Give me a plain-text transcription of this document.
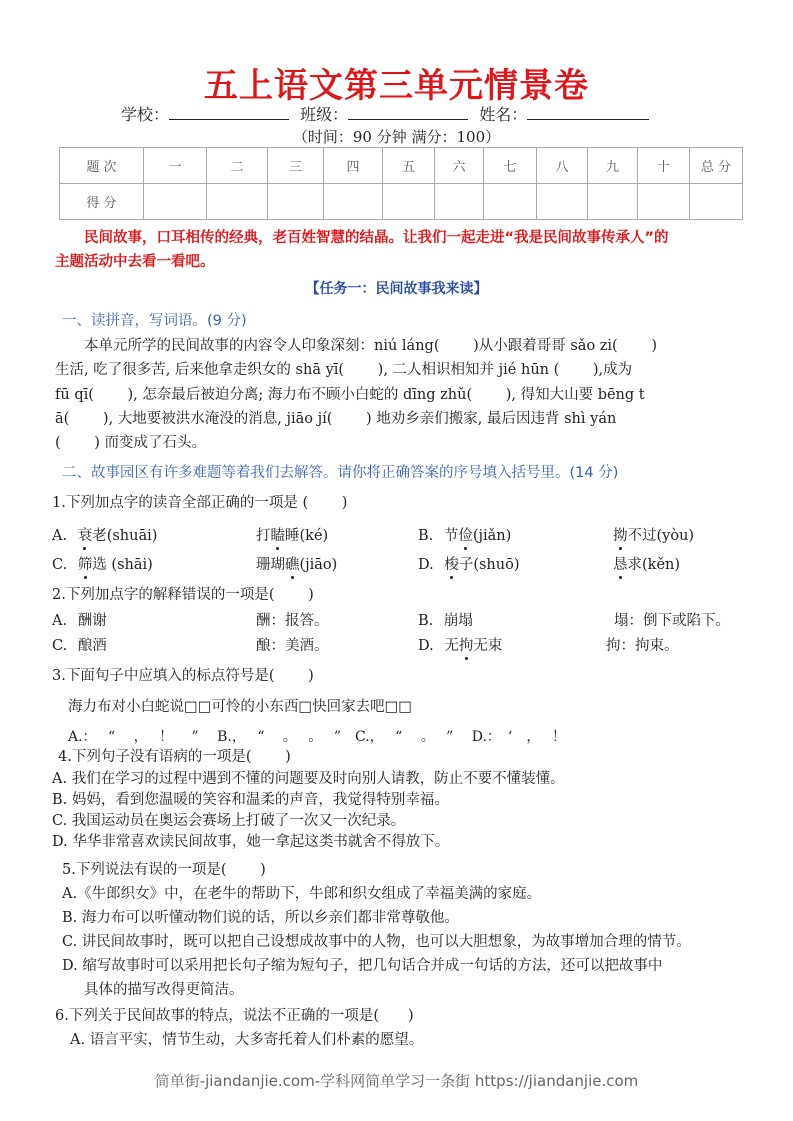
五上语文第三单元情景卷
学校：	班级：	姓名：
（时间：90 分钟 满分：100）
题 次	一	二	三	四	五	六	七	八	九	十	总 分
得 分											
民间故事，口耳相传的经典，老百姓智慧的结晶。让我们一起走进“我是民间故事传承人”的
主题活动中去看一看吧。
【任务一：民间故事我来读】
一、读拼音，写词语。(9 分)
本单元所学的民间故事的内容令人印象深刻：niú láng(　　 )从小跟着哥哥 sǎo zi(　　 )
生活, 吃了很多苦, 后来他拿走织女的 shā yī(　　 ), 二人相识相知并 jié hūn (　　 ),成为
fū qī(　　 ), 怎奈最后被迫分离; 海力布不顾小白蛇的 dīng zhǔ(　　 ), 得知大山要 bēng t
ā(　　 ), 大地要被洪水淹没的消息, jiāo jí(　　 ) 地劝乡亲们搬家, 最后因违背 shì yán
(　　 ) 而变成了石头。
二、故事园区有许多难题等着我们去解答。请你将正确答案的序号填入括号里。(14 分)
1.下列加点字的读音全部正确的一项是 (　　 )
A. 衰老(shuāi)	打瞌睡(ké)	B. 节俭(jiǎn)	拗不过(yòu)
C. 筛选 (shāi)	珊瑚礁(jiāo)	D. 梭子(shuō)	恳求(kěn)
2.下列加点字的解释错误的一项是(　　 )
A. 酬谢	酬：报答。	B. 崩塌	塌：倒下或陷下。
C. 酿酒	酿：美酒。	D. 无拘无束	拘：拘束。
3.下面句子中应填入的标点符号是(　　 )
海力布对小白蛇说□□可怜的小东西□快回家去吧□□
A.：　 “　 ，　 ！　 ”　 B.，　 “　 。　 。　 ”　C.，　 “　 。　 ”　 D.：　‘　，　 ！
4.下列句子没有语病的一项是(　　 )
A. 我们在学习的过程中遇到不懂的问题要及时向别人请教，防止不要不懂装懂。
B. 妈妈，看到您温暖的笑容和温柔的声音，我觉得特别幸福。
C. 我国运动员在奥运会赛场上打破了一次又一次纪录。
D. 华华非常喜欢读民间故事，她一拿起这类书就舍不得放下。
5.下列说法有误的一项是(　　 )
A.《牛郎织女》中，在老牛的帮助下，牛郎和织女组成了幸福美满的家庭。
B. 海力布可以听懂动物们说的话，所以乡亲们都非常尊敬他。
C. 讲民间故事时，既可以把自己设想成故事中的人物，也可以大胆想象，为故事增加合理的情节。
D. 缩写故事时可以采用把长句子缩为短句子，把几句话合并成一句话的方法，还可以把故事中
具体的描写改得更简洁。
6.下列关于民间故事的特点，说法不正确的一项是(　　)
A. 语言平实，情节生动，大多寄托着人们朴素的愿望。
简单街-jiandanjie.com-学科网简单学习一条街 https://jiandanjie.com
